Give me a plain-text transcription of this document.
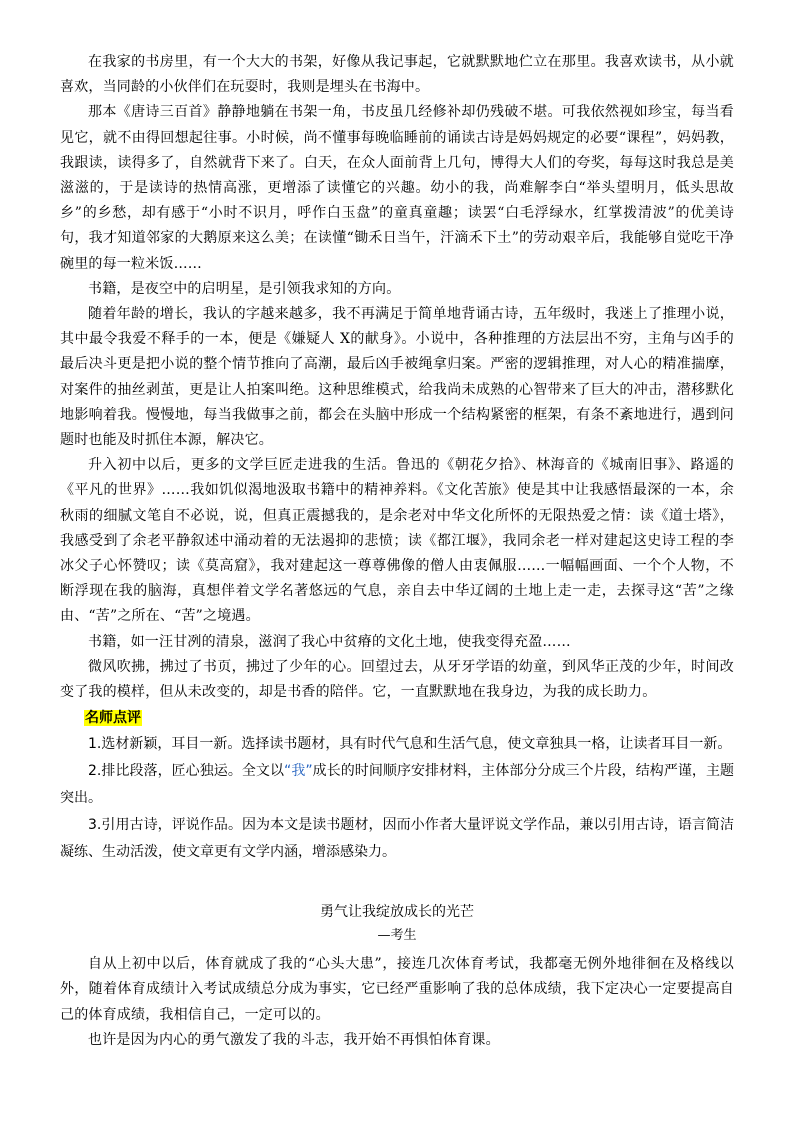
在我家的书房里，有一个大大的书架，好像从我记事起，它就默默地伫立在那里。我喜欢读书，从小就喜欢，当同龄的小伙伴们在玩耍时，我则是埋头在书海中。

那本《唐诗三百首》静静地躺在书架一角，书皮虽几经修补却仍残破不堪。可我依然视如珍宝，每当看见它，就不由得回想起往事。小时候，尚不懂事每晚临睡前的诵读古诗是妈妈规定的必要“课程”，妈妈教，我跟读，读得多了，自然就背下来了。白天，在众人面前背上几句，博得大人们的夸奖，每每这时我总是美滋滋的，于是读诗的热情高涨，更增添了读懂它的兴趣。幼小的我，尚难解李白“举头望明月，低头思故乡”的乡愁，却有感于“小时不识月，呼作白玉盘”的童真童趣；读罢“白毛浮绿水，红掌拨清波”的优美诗句，我才知道邻家的大鹅原来这么美；在读懂“锄禾日当午，汗滴禾下土”的劳动艰辛后，我能够自觉吃干净碗里的每一粒米饭……

书籍，是夜空中的启明星，是引领我求知的方向。

随着年龄的增长，我认的字越来越多，我不再满足于简单地背诵古诗，五年级时，我迷上了推理小说，其中最令我爱不释手的一本，便是《嫌疑人 X的献身》。小说中，各种推理的方法层出不穷，主角与凶手的最后决斗更是把小说的整个情节推向了高潮，最后凶手被绳拿归案。严密的逻辑推理，对人心的精准揣摩，对案件的抽丝剥茧，更是让人拍案叫绝。这种思维模式，给我尚未成熟的心智带来了巨大的冲击，潜移默化地影响着我。慢慢地，每当我做事之前，都会在头脑中形成一个结构紧密的框架，有条不紊地进行，遇到问题时也能及时抓住本源，解决它。

升入初中以后，更多的文学巨匠走进我的生活。鲁迅的《朝花夕拾》、林海音的《城南旧事》、路遥的《平凡的世界》……我如饥似渴地汲取书籍中的精神养料。《文化苦旅》使是其中让我感悟最深的一本，余秋雨的细腻文笔自不必说，说，但真正震撼我的，是余老对中华文化所怀的无限热爱之情：读《道士塔》，我感受到了余老平静叙述中涌动着的无法遏抑的悲愤；读《都江堰》，我同余老一样对建起这史诗工程的李冰父子心怀赞叹；读《莫高窟》，我对建起这一尊尊佛像的僧人由衷佩服……一幅幅画面、一个个人物，不断浮现在我的脑海，真想伴着文学名著悠远的气息，亲自去中华辽阔的土地上走一走，去探寻这“苦”之缘由、“苦”之所在、“苦”之境遇。

书籍，如一汪甘冽的清泉，滋润了我心中贫瘠的文化土地，使我变得充盈……

微风吹拂，拂过了书页，拂过了少年的心。回望过去，从牙牙学语的幼童，到风华正茂的少年，时间改变了我的模样，但从未改变的，却是书香的陪伴。它，一直默默地在我身边，为我的成长助力。

名师点评

1.选材新颖，耳目一新。选择读书题材，具有时代气息和生活气息，使文章独具一格，让读者耳目一新。

2.排比段落，匠心独运。全文以“我”成长的时间顺序安排材料，主体部分分成三个片段，结构严谨，主题突出。

3.引用古诗，评说作品。因为本文是读书题材，因而小作者大量评说文学作品，兼以引用古诗，语言简洁凝练、生动活泼，使文章更有文学内涵，增添感染力。

勇气让我绽放成长的光芒
—考生

自从上初中以后，体育就成了我的“心头大患”，接连几次体育考试，我都毫无例外地徘徊在及格线以外，随着体育成绩计入考试成绩总分成为事实，它已经严重影响了我的总体成绩，我下定决心一定要提高自己的体育成绩，我相信自己，一定可以的。

也许是因为内心的勇气激发了我的斗志，我开始不再惧怕体育课。
